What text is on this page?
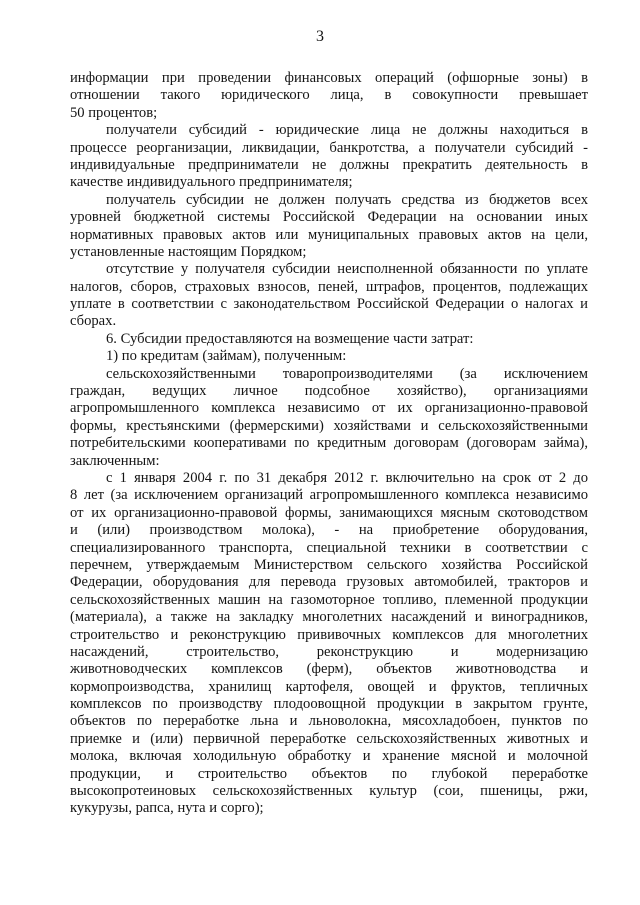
3
информации при проведении финансовых операций (офшорные зоны) в
отношении такого юридического лица, в совокупности превышает
50 процентов;
получатели субсидий - юридические лица не должны находиться в
процессе реорганизации, ликвидации, банкротства, а получатели субсидий -
индивидуальные предприниматели не должны прекратить деятельность в
качестве индивидуального предпринимателя;
получатель субсидии не должен получать средства из бюджетов всех
уровней бюджетной системы Российской Федерации на основании иных
нормативных правовых актов или муниципальных правовых актов на цели,
установленные настоящим Порядком;
отсутствие у получателя субсидии неисполненной обязанности по уплате
налогов, сборов, страховых взносов, пеней, штрафов, процентов, подлежащих
уплате в соответствии с законодательством Российской Федерации о налогах и
сборах.
6. Субсидии предоставляются на возмещение части затрат:
1) по кредитам (займам), полученным:
сельскохозяйственными товаропроизводителями (за исключением
граждан, ведущих личное подсобное хозяйство), организациями
агропромышленного комплекса независимо от их организационно-правовой
формы, крестьянскими (фермерскими) хозяйствами и сельскохозяйственными
потребительскими кооперативами по кредитным договорам (договорам займа),
заключенным:
с 1 января 2004 г. по 31 декабря 2012 г. включительно на срок от 2 до
8 лет (за исключением организаций агропромышленного комплекса независимо
от их организационно-правовой формы, занимающихся мясным скотоводством
и (или) производством молока), - на приобретение оборудования,
специализированного транспорта, специальной техники в соответствии с
перечнем, утверждаемым Министерством сельского хозяйства Российской
Федерации, оборудования для перевода грузовых автомобилей, тракторов и
сельскохозяйственных машин на газомоторное топливо, племенной продукции
(материала), а также на закладку многолетних насаждений и виноградников,
строительство и реконструкцию прививочных комплексов для многолетних
насаждений, строительство, реконструкцию и модернизацию
животноводческих комплексов (ферм), объектов животноводства и
кормопроизводства, хранилищ картофеля, овощей и фруктов, тепличных
комплексов по производству плодоовощной продукции в закрытом грунте,
объектов по переработке льна и льноволокна, мясохладобоен, пунктов по
приемке и (или) первичной переработке сельскохозяйственных животных и
молока, включая холодильную обработку и хранение мясной и молочной
продукции, и строительство объектов по глубокой переработке
высокопротеиновых сельскохозяйственных культур (сои, пшеницы, ржи,
кукурузы, рапса, нута и сорго);
